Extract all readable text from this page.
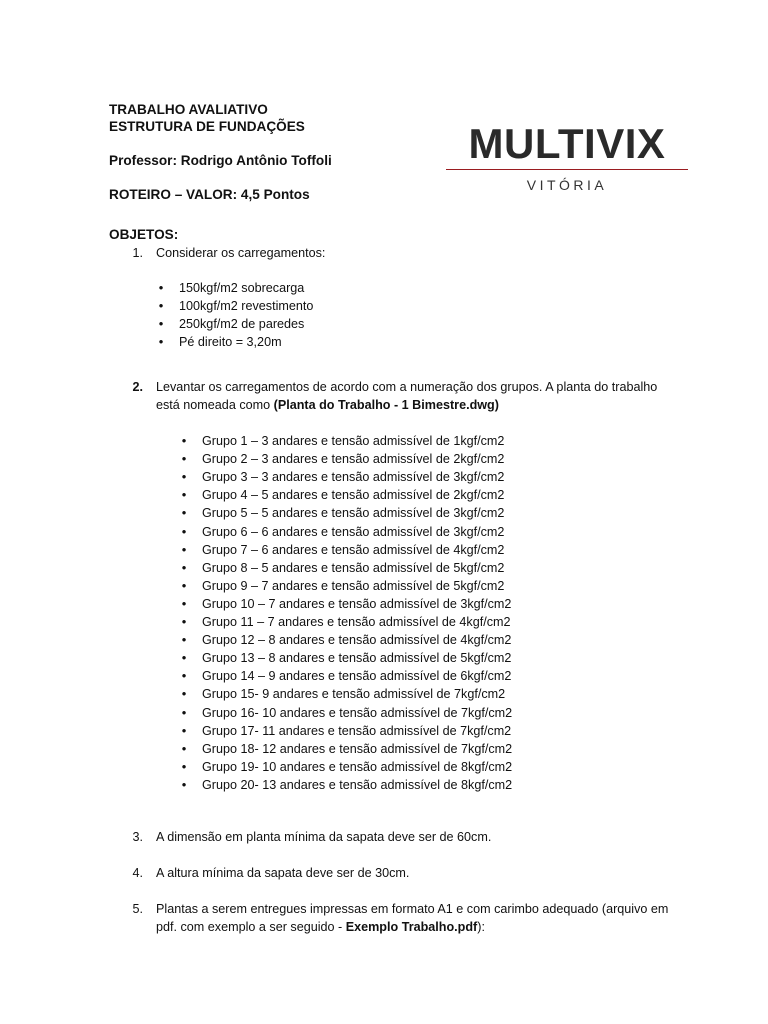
TRABALHO AVALIATIVO
ESTRUTURA DE FUNDAÇÕES
Professor: Rodrigo Antônio Toffoli
ROTEIRO – VALOR: 4,5 Pontos
MULTIVIX
VITÓRIA
OBJETOS:
1. Considerar os carregamentos:
• 150kgf/m2 sobrecarga
• 100kgf/m2 revestimento
• 250kgf/m2 de paredes
• Pé direito = 3,20m
2. Levantar os carregamentos de acordo com a numeração dos grupos. A planta do trabalho
está nomeada como (Planta do Trabalho - 1 Bimestre.dwg)
• Grupo 1 – 3 andares e tensão admissível de 1kgf/cm2
• Grupo 2 – 3 andares e tensão admissível de 2kgf/cm2
• Grupo 3 – 3 andares e tensão admissível de 3kgf/cm2
• Grupo 4 – 5 andares e tensão admissível de 2kgf/cm2
• Grupo 5 – 5 andares e tensão admissível de 3kgf/cm2
• Grupo 6 – 6 andares e tensão admissível de 3kgf/cm2
• Grupo 7 – 6 andares e tensão admissível de 4kgf/cm2
• Grupo 8 – 5 andares e tensão admissível de 5kgf/cm2
• Grupo 9 – 7 andares e tensão admissível de 5kgf/cm2
• Grupo 10 – 7 andares e tensão admissível de 3kgf/cm2
• Grupo 11 – 7 andares e tensão admissível de 4kgf/cm2
• Grupo 12 – 8 andares e tensão admissível de 4kgf/cm2
• Grupo 13 – 8 andares e tensão admissível de 5kgf/cm2
• Grupo 14 – 9 andares e tensão admissível de 6kgf/cm2
• Grupo 15- 9 andares e tensão admissível de 7kgf/cm2
• Grupo 16- 10 andares e tensão admissível de 7kgf/cm2
• Grupo 17- 11 andares e tensão admissível de 7kgf/cm2
• Grupo 18- 12 andares e tensão admissível de 7kgf/cm2
• Grupo 19- 10 andares e tensão admissível de 8kgf/cm2
• Grupo 20- 13 andares e tensão admissível de 8kgf/cm2
3. A dimensão em planta mínima da sapata deve ser de 60cm.
4. A altura mínima da sapata deve ser de 30cm.
5. Plantas a serem entregues impressas em formato A1 e com carimbo adequado (arquivo em
pdf. com exemplo a ser seguido - Exemplo Trabalho.pdf):
